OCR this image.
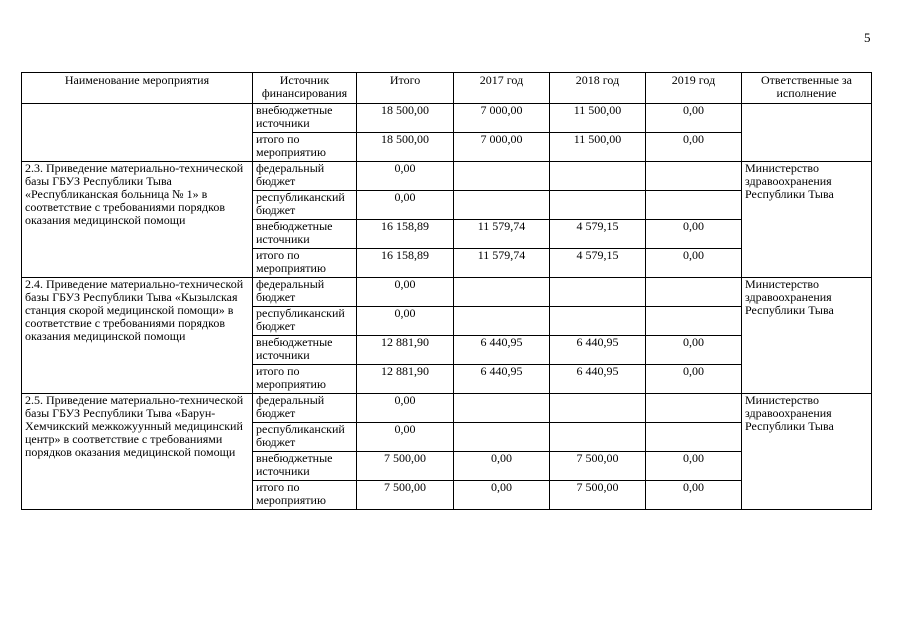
5
Наименование мероприятия	Источник финансирования	Итого	2017 год	2018 год	2019 год	Ответственные за исполнение
	внебюджетные источники	18 500,00	7 000,00	11 500,00	0,00	
	итого по мероприятию	18 500,00	7 000,00	11 500,00	0,00	
2.3. Приведение материально-технической базы ГБУЗ Республики Тыва «Республиканская больница № 1» в соответствие с требованиями порядков оказания медицинской помощи	федеральный бюджет	0,00				Министерство здравоохранения Республики Тыва
	республиканский бюджет	0,00				
	внебюджетные источники	16 158,89	11 579,74	4 579,15	0,00	
	итого по мероприятию	16 158,89	11 579,74	4 579,15	0,00	
2.4. Приведение материально-технической базы ГБУЗ Республики Тыва «Кызылская станция скорой медицинской помощи» в соответствие с требованиями порядков оказания медицинской помощи	федеральный бюджет	0,00				Министерство здравоохранения Республики Тыва
	республиканский бюджет	0,00				
	внебюджетные источники	12 881,90	6 440,95	6 440,95	0,00	
	итого по мероприятию	12 881,90	6 440,95	6 440,95	0,00	
2.5. Приведение материально-технической базы ГБУЗ Республики Тыва «Барун-Хемчикский межкожуунный медицинский центр» в соответствие с требованиями порядков оказания медицинской помощи	федеральный бюджет	0,00				Министерство здравоохранения Республики Тыва
	республиканский бюджет	0,00				
	внебюджетные источники	7 500,00	0,00	7 500,00	0,00	
	итого по мероприятию	7 500,00	0,00	7 500,00	0,00	
